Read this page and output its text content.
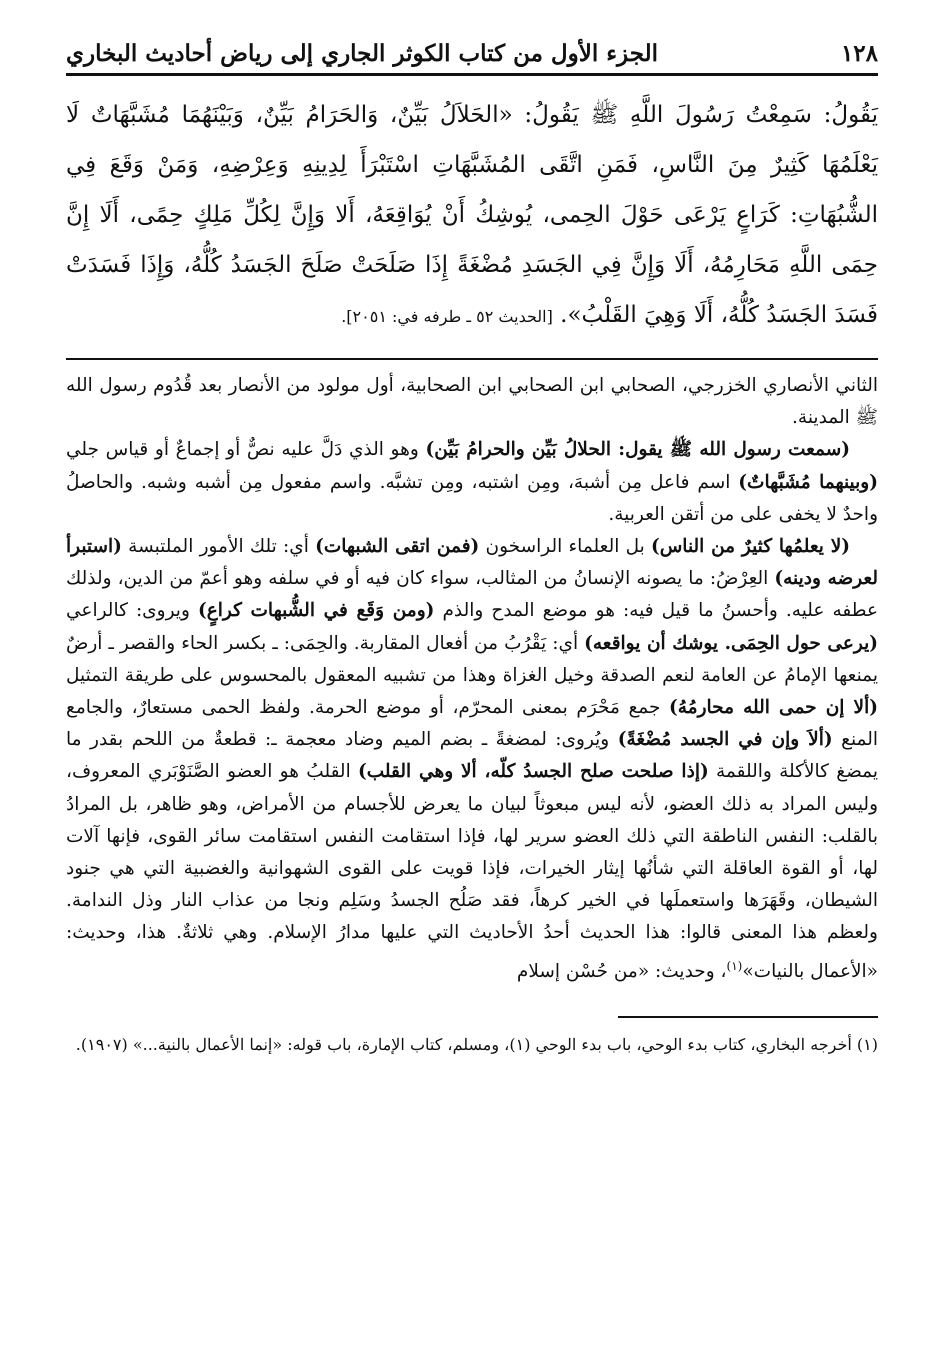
١٢٨
الجزء الأول من كتاب الكوثر الجاري إلى رياض أحاديث البخاري
يَقُولُ: سَمِعْتُ رَسُولَ اللَّهِ ﷺ يَقُولُ: «الحَلاَلُ بَيِّنٌ، وَالحَرَامُ بَيِّنٌ، وَبَيْنَهُمَا مُشَبَّهَاتٌ لَا يَعْلَمُهَا كَثِيرٌ مِنَ النَّاسِ، فَمَنِ اتَّقَى المُشَبَّهَاتِ اسْتَبْرَأَ لِدِينِهِ وَعِرْضِهِ، وَمَنْ وَقَعَ فِي الشُّبُهَاتِ: كَرَاعٍ يَرْعَى حَوْلَ الحِمى، يُوشِكُ أَنْ يُوَاقِعَهُ، أَلا وَإِنَّ لِكُلِّ مَلِكٍ حِمًى، أَلَا إِنَّ حِمَى اللَّهِ مَحَارِمُهُ، أَلَا وَإِنَّ فِي الجَسَدِ مُضْغَةً إِذَا صَلَحَتْ صَلَحَ الجَسَدُ كُلُّهُ، وَإِذَا فَسَدَتْ فَسَدَ الجَسَدُ كُلُّهُ، أَلَا وَهِيَ القَلْبُ». [الحديث ٥٢ ـ طرفه في: ٢٠٥١].

الثاني الأنصاري الخزرجي، الصحابي ابن الصحابي ابن الصحابية، أول مولود من الأنصار بعد قُدُوم رسول الله ﷺ المدينة.

(سمعت رسول الله ﷺ يقول: الحلالُ بَيِّن والحرامُ بَيِّن) وهو الذي دَلَّ عليه نصٌّ أو إجماعٌ أو قياس جلي (وبينهما مُشَبَّهاتٌ) اسم فاعل مِن أشبهَ، ومِن اشتبه، ومِن تشبَّه. واسم مفعول مِن أشبه وشبه. والحاصلُ واحدٌ لا يخفى على من أتقن العربية.

(لا يعلمُها كثيرٌ من الناس) بل العلماء الراسخون (فمن اتقى الشبهات) أي: تلك الأمور الملتبسة (استبرأ لعرضه ودينه) العِرْضُ: ما يصونه الإنسانُ من المثالب، سواء كان فيه أو في سلفه وهو أعمّ من الدين، ولذلك عطفه عليه. وأحسنُ ما قيل فيه: هو موضع المدح والذم (ومن وَقَع في الشُّبهات كراعٍ) ويروى: كالراعي (يرعى حول الحِمَى. يوشك أن يواقعه) أي: يَقْرُبُ من أفعال المقاربة. والحِمَى: ـ بكسر الحاء والقصر ـ أرضٌ يمنعها الإمامُ عن العامة لنعم الصدقة وخيل الغزاة وهذا من تشبيه المعقول بالمحسوس على طريقة التمثيل (ألا إن حمى الله محارمُهُ) جمع مَحْرَم بمعنى المحرّم، أو موضع الحرمة. ولفظ الحمى مستعارٌ، والجامع المنع (ألاَ وإن في الجسد مُضْغَةً) ويُروى: لمضغةً ـ بضم الميم وضاد معجمة ـ: قطعةٌ من اللحم بقدر ما يمضغ كالأكلة واللقمة (إذا صلحت صلح الجسدُ كلّه، ألا وهي القلب) القلبُ هو العضو الصَّنَوْبَري المعروف، وليس المراد به ذلك العضو، لأنه ليس مبعوثاً لبيان ما يعرض للأجسام من الأمراض، وهو ظاهر، بل المرادُ بالقلب: النفس الناطقة التي ذلك العضو سرير لها، فإذا استقامت النفس استقامت سائر القوى، فإنها آلات لها، أو القوة العاقلة التي شأنُها إيثار الخيرات، فإذا قويت على القوى الشهوانية والغضبية التي هي جنود الشيطان، وقَهَرَها واستعملَها في الخير كرهاً، فقد صَلُح الجسدُ وسَلِم ونجا من عذاب النار وذل الندامة. ولعظم هذا المعنى قالوا: هذا الحديث أحدُ الأحاديث التي عليها مدارُ الإسلام. وهي ثلاثةٌ. هذا، وحديث: «الأعمال بالنيات»$^{(١)}$، وحديث: «من حُسْن إسلام

(١) أخرجه البخاري، كتاب بدء الوحي، باب بدء الوحي (١)، ومسلم، كتاب الإمارة، باب قوله: «إنما الأعمال بالنية...» (١٩٠٧).
